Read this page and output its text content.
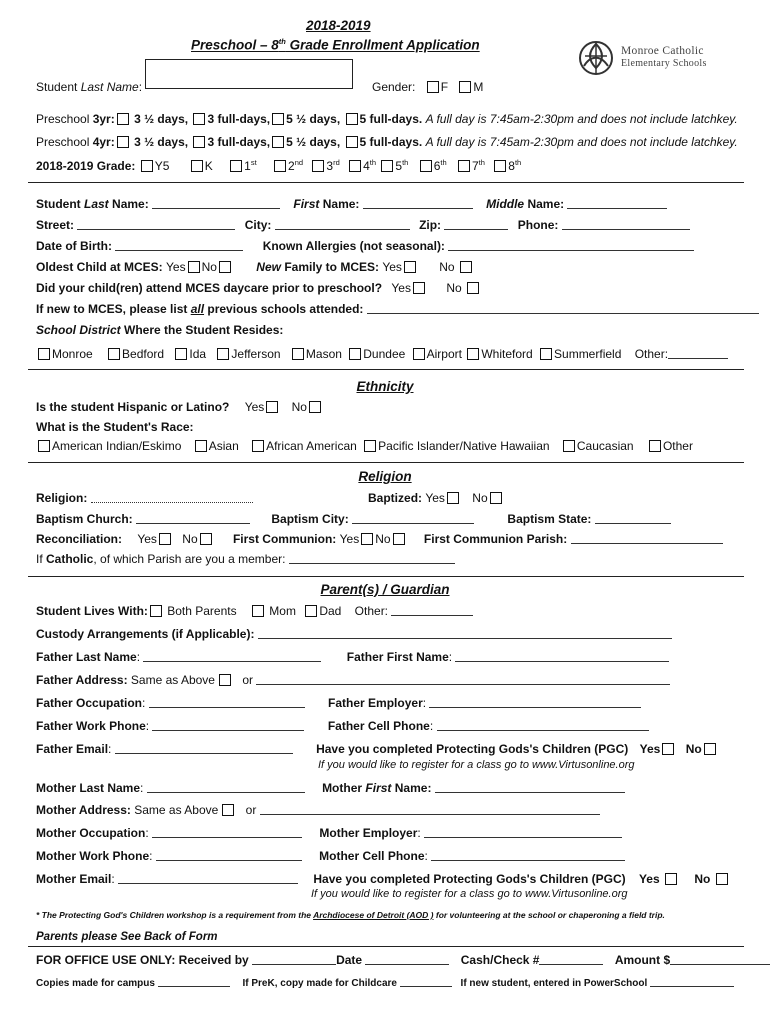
2018-2019
Preschool – 8th Grade Enrollment Application	Monroe Catholic
Elementary Schools
Student Last Name:	Gender: F M
Preschool 3yr: 3 ½ days, 3 full-days, 5 ½ days, 5 full-days. A full day is 7:45am-2:30pm and does not include latchkey.
Preschool 4yr: 3 ½ days, 3 full-days, 5 ½ days, 5 full-days. A full day is 7:45am-2:30pm and does not include latchkey.
2018-2019 Grade: Y5	K	1st	2nd 3rd 4th 5th 6th 7th 8th
Student Last Name:	First Name:	Middle Name:
Street:	City:	Zip:	Phone:
Date of Birth:	Known Allergies (not seasonal):
Oldest Child at MCES: Yes No	New Family to MCES: Yes	No
Did your child(ren) attend MCES daycare prior to preschool? Yes	No
If new to MCES, please list all previous schools attended:
School District Where the Student Resides:
Monroe Bedford Ida Jefferson Mason Dundee Airport Whiteford Summerfield Other:
Ethnicity
Is the student Hispanic or Latino? Yes No
What is the Student's Race:
American Indian/Eskimo Asian African American Pacific Islander/Native Hawaiian Caucasian Other
Religion
Religion:	Baptized: Yes No
Baptism Church:	Baptism City:	Baptism State:
Reconciliation: Yes No	First Communion: Yes No	First Communion Parish:
If Catholic, of which Parish are you a member:
Parent(s) / Guardian
Student Lives With: Both Parents	Mom Dad Other:
Custody Arrangements (if Applicable):
Father Last Name:	Father First Name:
Father Address: Same as Above or
Father Occupation:	Father Employer:
Father Work Phone:	Father Cell Phone:
Father Email:	Have you completed Protecting Gods's Children (PGC) Yes No
If you would like to register for a class go to www.Virtusonline.org
Mother Last Name:	Mother First Name:
Mother Address: Same as Above or
Mother Occupation:	Mother Employer:
Mother Work Phone:	Mother Cell Phone:
Mother Email:	Have you completed Protecting Gods's Children (PGC) Yes	No
If you would like to register for a class go to www.Virtusonline.org
* The Protecting God's Children workshop is a requirement from the Archdiocese of Detroit (AOD ) for volunteering at the school or chaperoning a field trip.
Parents please See Back of Form
FOR OFFICE USE ONLY: Received by	Date	Cash/Check #	Amount $
Copies made for campus	If PreK, copy made for Childcare	If new student, entered in PowerSchool
